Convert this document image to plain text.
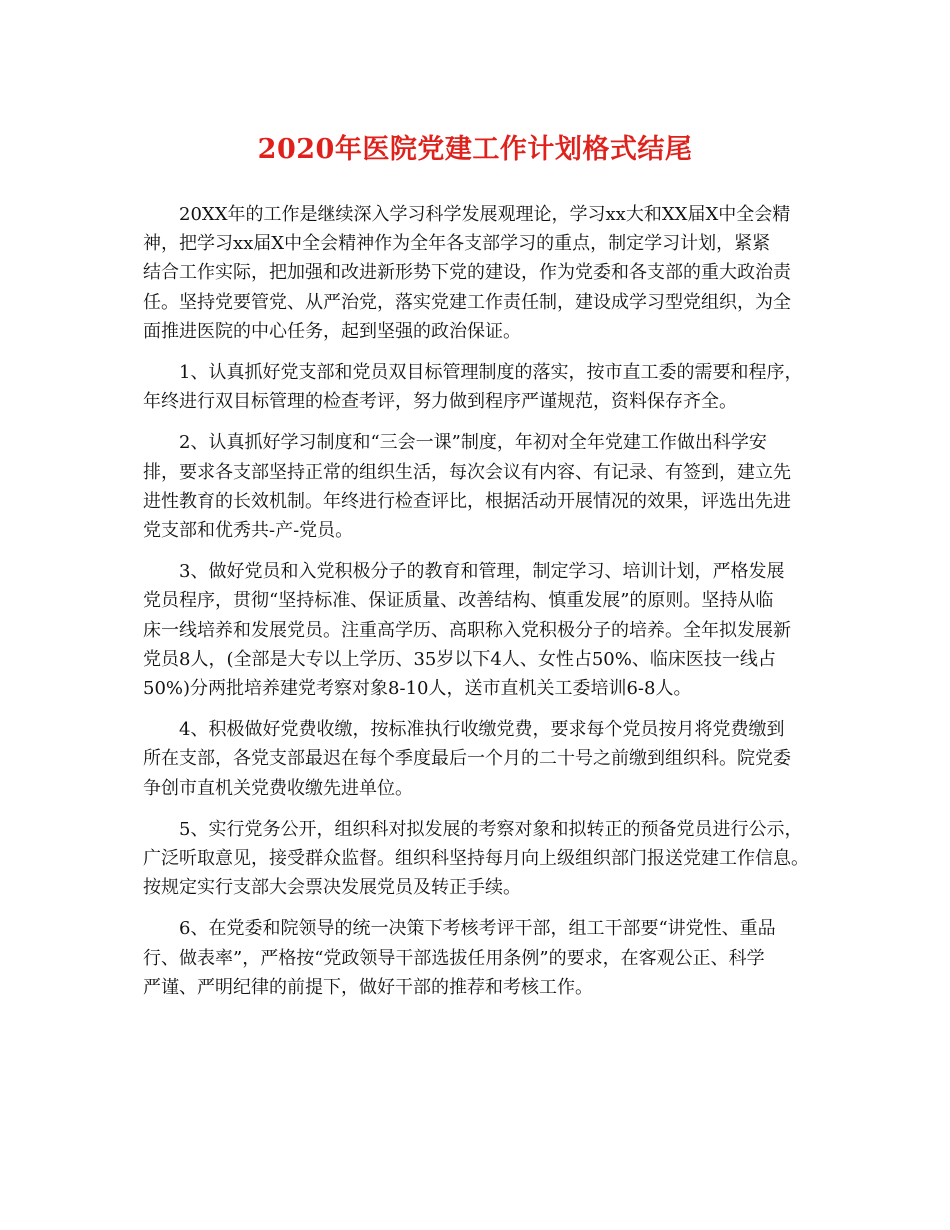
2020年医院党建工作计划格式结尾
20XX年的工作是继续深入学习科学发展观理论，学习xx大和XX届X中全会精
神，把学习xx届X中全会精神作为全年各支部学习的重点，制定学习计划，紧紧
结合工作实际，把加强和改进新形势下党的建设，作为党委和各支部的重大政治责
任。坚持党要管党、从严治党，落实党建工作责任制，建设成学习型党组织，为全
面推进医院的中心任务，起到坚强的政治保证。
1、认真抓好党支部和党员双目标管理制度的落实，按市直工委的需要和程序，
年终进行双目标管理的检查考评，努力做到程序严谨规范，资料保存齐全。
2、认真抓好学习制度和“三会一课”制度，年初对全年党建工作做出科学安
排，要求各支部坚持正常的组织生活，每次会议有内容、有记录、有签到，建立先
进性教育的长效机制。年终进行检查评比，根据活动开展情况的效果，评选出先进
党支部和优秀共-产-党员。
3、做好党员和入党积极分子的教育和管理，制定学习、培训计划，严格发展
党员程序，贯彻“坚持标准、保证质量、改善结构、慎重发展”的原则。坚持从临
床一线培养和发展党员。注重高学历、高职称入党积极分子的培养。全年拟发展新
党员8人，(全部是大专以上学历、35岁以下4人、女性占50%、临床医技一线占
50%)分两批培养建党考察对象8-10人，送市直机关工委培训6-8人。
4、积极做好党费收缴，按标准执行收缴党费，要求每个党员按月将党费缴到
所在支部，各党支部最迟在每个季度最后一个月的二十号之前缴到组织科。院党委
争创市直机关党费收缴先进单位。
5、实行党务公开，组织科对拟发展的考察对象和拟转正的预备党员进行公示，
广泛听取意见，接受群众监督。组织科坚持每月向上级组织部门报送党建工作信息。
按规定实行支部大会票决发展党员及转正手续。
6、在党委和院领导的统一决策下考核考评干部，组工干部要“讲党性、重品
行、做表率”，严格按“党政领导干部选拔任用条例”的要求，在客观公正、科学
严谨、严明纪律的前提下，做好干部的推荐和考核工作。
